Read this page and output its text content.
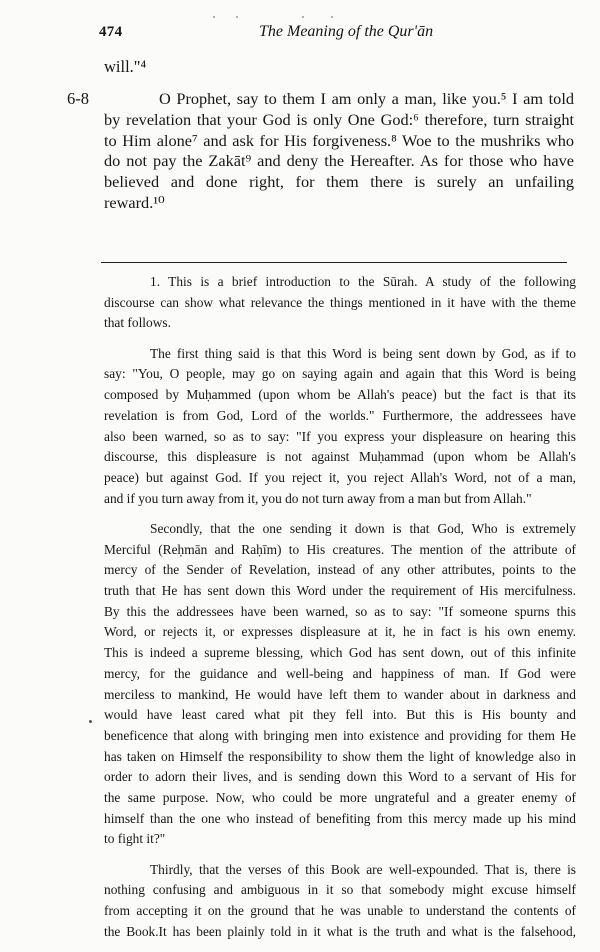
474	The Meaning of the Qur'ān
will."⁴
6-8	O Prophet, say to them I am only a man, like you.⁵ I am told
by revelation that your God is only One God:⁶ therefore, turn straight
to Him alone⁷ and ask for His forgiveness.⁸ Woe to the mushriks who
do not pay the Zakāt⁹ and deny the Hereafter. As for those who have
believed and done right, for them there is surely an unfailing
reward.¹⁰
1. This is a brief introduction to the Sūrah. A study of the following
discourse can show what relevance the things mentioned in it have with the theme
that follows.
The first thing said is that this Word is being sent down by God, as if to
say: "You, O people, may go on saying again and again that this Word is being
composed by Muḥammed (upon whom be Allah's peace) but the fact is that its
revelation is from God, Lord of the worlds." Furthermore, the addressees have
also been warned, so as to say: "If you express your displeasure on hearing this
discourse, this displeasure is not against Muḥammad (upon whom be Allah's
peace) but against God. If you reject it, you reject Allah's Word, not of a man,
and if you turn away from it, you do not turn away from a man but from Allah."
Secondly, that the one sending it down is that God, Who is extremely
Merciful (Reḥmān and Raḥīm) to His creatures. The mention of the attribute of
mercy of the Sender of Revelation, instead of any other attributes, points to the
truth that He has sent down this Word under the requirement of His mercifulness.
By this the addressees have been warned, so as to say: "If someone spurns this
Word, or rejects it, or expresses displeasure at it, he in fact is his own enemy.
This is indeed a supreme blessing, which God has sent down, out of this infinite
mercy, for the guidance and well-being and happiness of man. If God were
merciless to mankind, He would have left them to wander about in darkness and
would have least cared what pit they fell into. But this is His bounty and
beneficence that along with bringing men into existence and providing for them He
has taken on Himself the responsibility to show them the light of knowledge also in
order to adorn their lives, and is sending down this Word to a servant of His for
the same purpose. Now, who could be more ungrateful and a greater enemy of
himself than the one who instead of benefiting from this mercy made up his mind
to fight it?"
Thirdly, that the verses of this Book are well-expounded. That is, there is
nothing confusing and ambiguous in it so that somebody might excuse himself
from accepting it on the ground that he was unable to understand the contents of
the Book.It has been plainly told in it what is the truth and what is the falsehood,
